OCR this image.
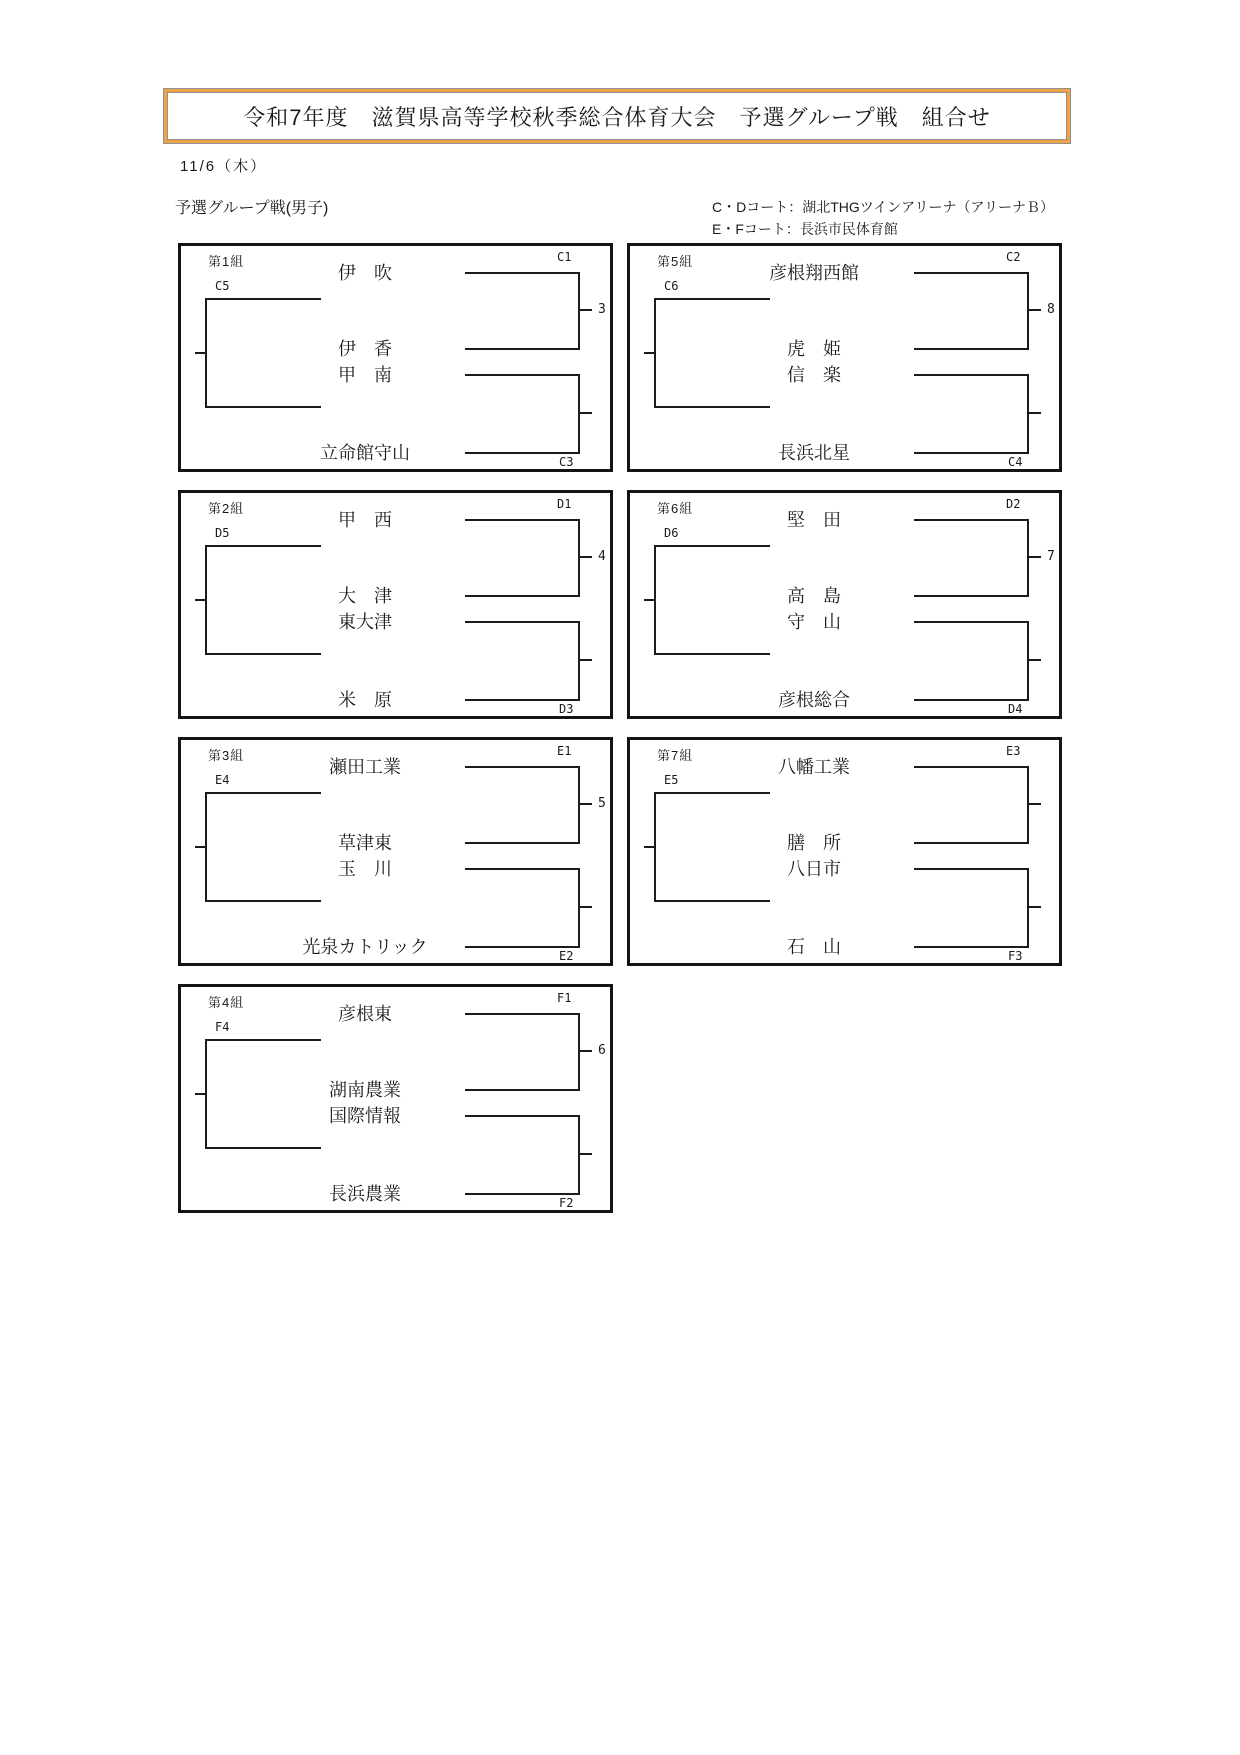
令和7年度　滋賀県高等学校秋季総合体育大会　予選グループ戦　組合せ
11/6（木）
予選グループ戦(男子)	C・Dコート：湖北THGツインアリーナ（アリーナＢ）
E・Fコート：長浜市民体育館
第1組
C5
伊　吹
伊　香
甲　南
立命館守山
C1
C3
3
第2組
D5
甲　西
大　津
東大津
米　原
D1
D3
4
第3組
E4
瀬田工業
草津東
玉　川
光泉カトリック
E1
E2
5
第4組
F4
彦根東
湖南農業
国際情報
長浜農業
F1
F2
6
第5組
C6
彦根翔西館
虎　姫
信　楽
長浜北星
C2
C4
8
第6組
D6
堅　田
高　島
守　山
彦根総合
D2
D4
7
第7組
E5
八幡工業
膳　所
八日市
石　山
E3
F3
